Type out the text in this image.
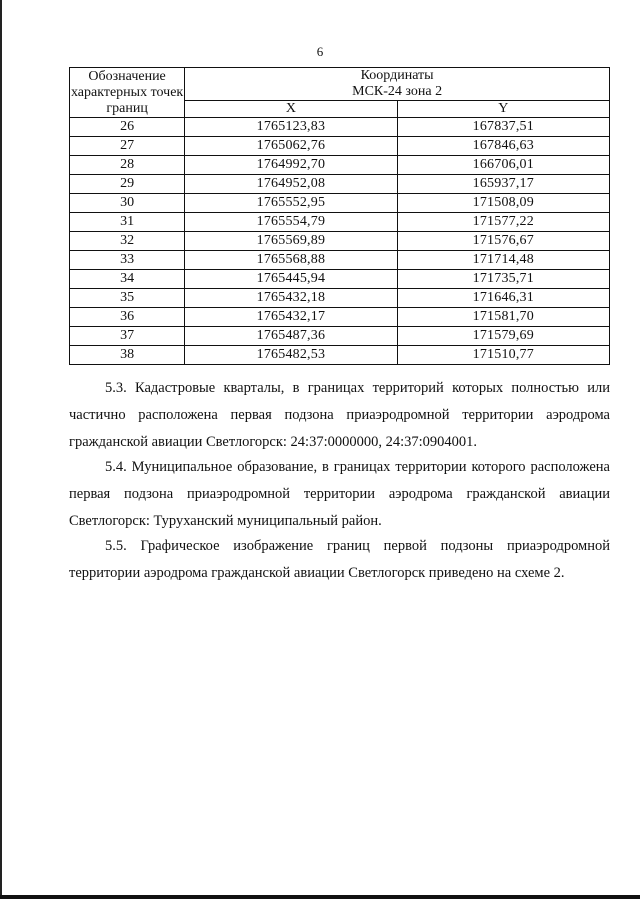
6
Обозначение характерных точек границ	Координаты
МСК-24 зона 2	

	X	Y
26	1765123,83	167837,51
27	1765062,76	167846,63
28	1764992,70	166706,01
29	1764952,08	165937,17
30	1765552,95	171508,09
31	1765554,79	171577,22
32	1765569,89	171576,67
33	1765568,88	171714,48
34	1765445,94	171735,71
35	1765432,18	171646,31
36	1765432,17	171581,70
37	1765487,36	171579,69
38	1765482,53	171510,77

5.3. Кадастровые кварталы, в границах территорий которых полностью или частично расположена первая подзона приаэродромной территории аэродрома гражданской авиации Светлогорск: 24:37:0000000, 24:37:0904001.

5.4. Муниципальное образование, в границах территории которого расположена первая подзона приаэродромной территории аэродрома гражданской авиации Светлогорск: Туруханский муниципальный район.

5.5. Графическое изображение границ первой подзоны приаэродромной территории аэродрома гражданской авиации Светлогорск приведено на схеме 2.
